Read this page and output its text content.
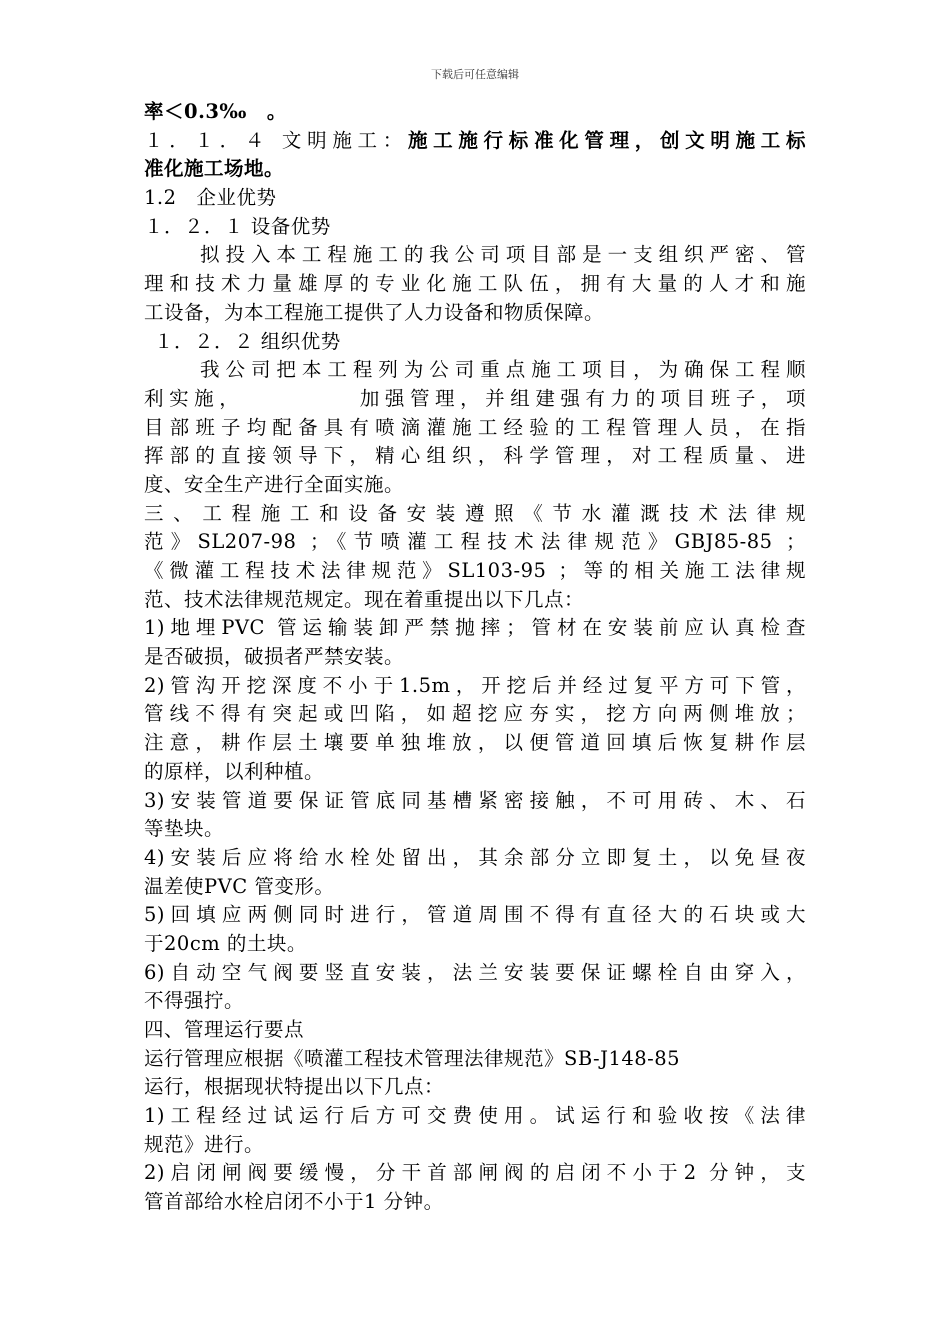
下载后可任意编辑
率＜0.3‰　。
１．１．４ 文明施工：施工施行标准化管理，创文明施工标
准化施工场地。
1.2　企业优势
１．２．１ 设备优势
拟投入本工程施工的我公司项目部是一支组织严密、管
理和技术力量雄厚的专业化施工队伍，拥有大量的人才和施
工设备，为本工程施工提供了人力设备和物质保障。
１．２．２ 组织优势
我公司把本工程列为公司重点施工项目，为确保工程顺
利实施，　　　　　加强管理，并组建强有力的项目班子，项
目部班子均配备具有喷滴灌施工经验的工程管理人员，在指
挥部的直接领导下，精心组织，科学管理，对工程质量、进
度、安全生产进行全面实施。
三、工程施工和设备安装遵照《节水灌溉技术法律规
范》SL207-98 ；《节喷灌工程技术法律规范》GBJ85-85 ；
《微灌工程技术法律规范》SL103-95 ；等的相关施工法律规
范、技术法律规范规定。现在着重提出以下几点：
1)地埋PVC 管运输装卸严禁抛摔；管材在安装前应认真检查
是否破损，破损者严禁安装。
2)管沟开挖深度不小于1.5m，开挖后并经过复平方可下管，
管线不得有突起或凹陷，如超挖应夯实，挖方向两侧堆放；
注意，耕作层土壤要单独堆放，以便管道回填后恢复耕作层
的原样，以利种植。
3)安装管道要保证管底同基槽紧密接触，不可用砖、木、石
等垫块。
4)安装后应将给水栓处留出，其余部分立即复土，以免昼夜
温差使PVC 管变形。
5)回填应两侧同时进行，管道周围不得有直径大的石块或大
于20cm 的土块。
6)自动空气阀要竖直安装，法兰安装要保证螺栓自由穿入，
不得强拧。
四、管理运行要点
运行管理应根据《喷灌工程技术管理法律规范》SB-J148-85
运行，根据现状特提出以下几点：
1)工程经过试运行后方可交费使用。试运行和验收按《法律
规范》进行。
2)启闭闸阀要缓慢，分干首部闸阀的启闭不小于2 分钟，支
管首部给水栓启闭不小于1 分钟。
